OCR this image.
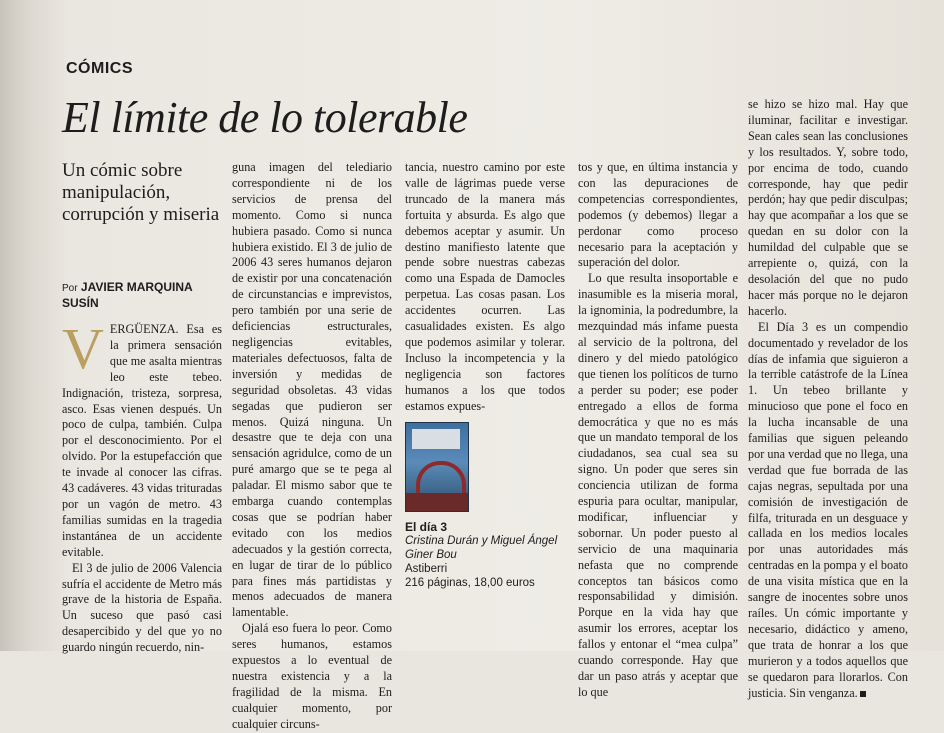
CÓMICS
El límite de lo tolerable
Un cómic sobre manipulación, corrupción y miseria
Por JAVIER MARQUINA SUSÍN

VERGÜENZA. Esa es la primera sensación que me asalta mientras leo este tebeo. Indignación, tristeza, sorpresa, asco. Esas vienen después. Un poco de culpa, también. Culpa por el desconocimiento. Por el olvido. Por la estupefacción que te invade al conocer las cifras. 43 cadáveres. 43 vidas trituradas por un vagón de metro. 43 familias sumidas en la tragedia instantánea de un accidente evitable.

El 3 de julio de 2006 Valencia sufría el accidente de Metro más grave de la historia de España. Un suceso que pasó casi desapercibido y del que yo no guardo ningún recuerdo, nin-

guna imagen del telediario correspondiente ni de los servicios de prensa del momento. Como si nunca hubiera pasado. Como si nunca hubiera existido. El 3 de julio de 2006 43 seres humanos dejaron de existir por una concatenación de circunstancias e imprevistos, pero también por una serie de deficiencias estructurales, negligencias evitables, materiales defectuosos, falta de inversión y medidas de seguridad obsoletas. 43 vidas segadas que pudieron ser menos. Quizá ninguna. Un desastre que te deja con una sensación agridulce, como de un puré amargo que se te pega al paladar. El mismo sabor que te embarga cuando contemplas cosas que se podrían haber evitado con los medios adecuados y la gestión correcta, en lugar de tirar de lo público para fines más partidistas y menos adecuados de manera lamentable.

Ojalá eso fuera lo peor. Como seres humanos, estamos expuestos a lo eventual de nuestra existencia y a la fragilidad de la misma. En cualquier momento, por cualquier circuns-

tancia, nuestro camino por este valle de lágrimas puede verse truncado de la manera más fortuita y absurda. Es algo que debemos aceptar y asumir. Un destino manifiesto latente que pende sobre nuestras cabezas como una Espada de Damocles perpetua. Las cosas pasan. Los accidentes ocurren. Las casualidades existen. Es algo que podemos asimilar y tolerar. Incluso la incompetencia y la negligencia son factores humanos a los que todos estamos expues-

El día 3
Cristina Durán y Miguel Ángel Giner Bou
Astiberri
216 páginas, 18,00 euros

tos y que, en última instancia y con las depuraciones de competencias correspondientes, podemos (y debemos) llegar a perdonar como proceso necesario para la aceptación y superación del dolor.

Lo que resulta insoportable e inasumible es la miseria moral, la ignominia, la podredumbre, la mezquindad más infame puesta al servicio de la poltrona, del dinero y del miedo patológico que tienen los políticos de turno a perder su poder; ese poder entregado a ellos de forma democrática y que no es más que un mandato temporal de los ciudadanos, sea cual sea su signo. Un poder que seres sin conciencia utilizan de forma espuria para ocultar, manipular, modificar, influenciar y sobornar. Un poder puesto al servicio de una maquinaria nefasta que no comprende conceptos tan básicos como responsabilidad y dimisión. Porque en la vida hay que asumir los errores, aceptar los fallos y entonar el “mea culpa” cuando corresponde. Hay que dar un paso atrás y aceptar que lo que

se hizo se hizo mal. Hay que iluminar, facilitar e investigar. Sean cales sean las conclusiones y los resultados. Y, sobre todo, por encima de todo, cuando corresponde, hay que pedir perdón; hay que pedir disculpas; hay que acompañar a los que se quedan en su dolor con la humildad del culpable que se arrepiente o, quizá, con la desolación del que no pudo hacer más porque no le dejaron hacerlo.

El Día 3 es un compendio documentado y revelador de los días de infamia que siguieron a la terrible catástrofe de la Línea 1. Un tebeo brillante y minucioso que pone el foco en la lucha incansable de una familias que siguen peleando por una verdad que no llega, una verdad que fue borrada de las cajas negras, sepultada por una comisión de investigación de filfa, triturada en un desguace y callada en los medios locales por unas autoridades más centradas en la pompa y el boato de una visita mística que en la sangre de inocentes sobre unos raíles. Un cómic importante y necesario, didáctico y ameno, que trata de honrar a los que murieron y a todos aquellos que se quedaron para llorarlos. Con justicia. Sin venganza.
